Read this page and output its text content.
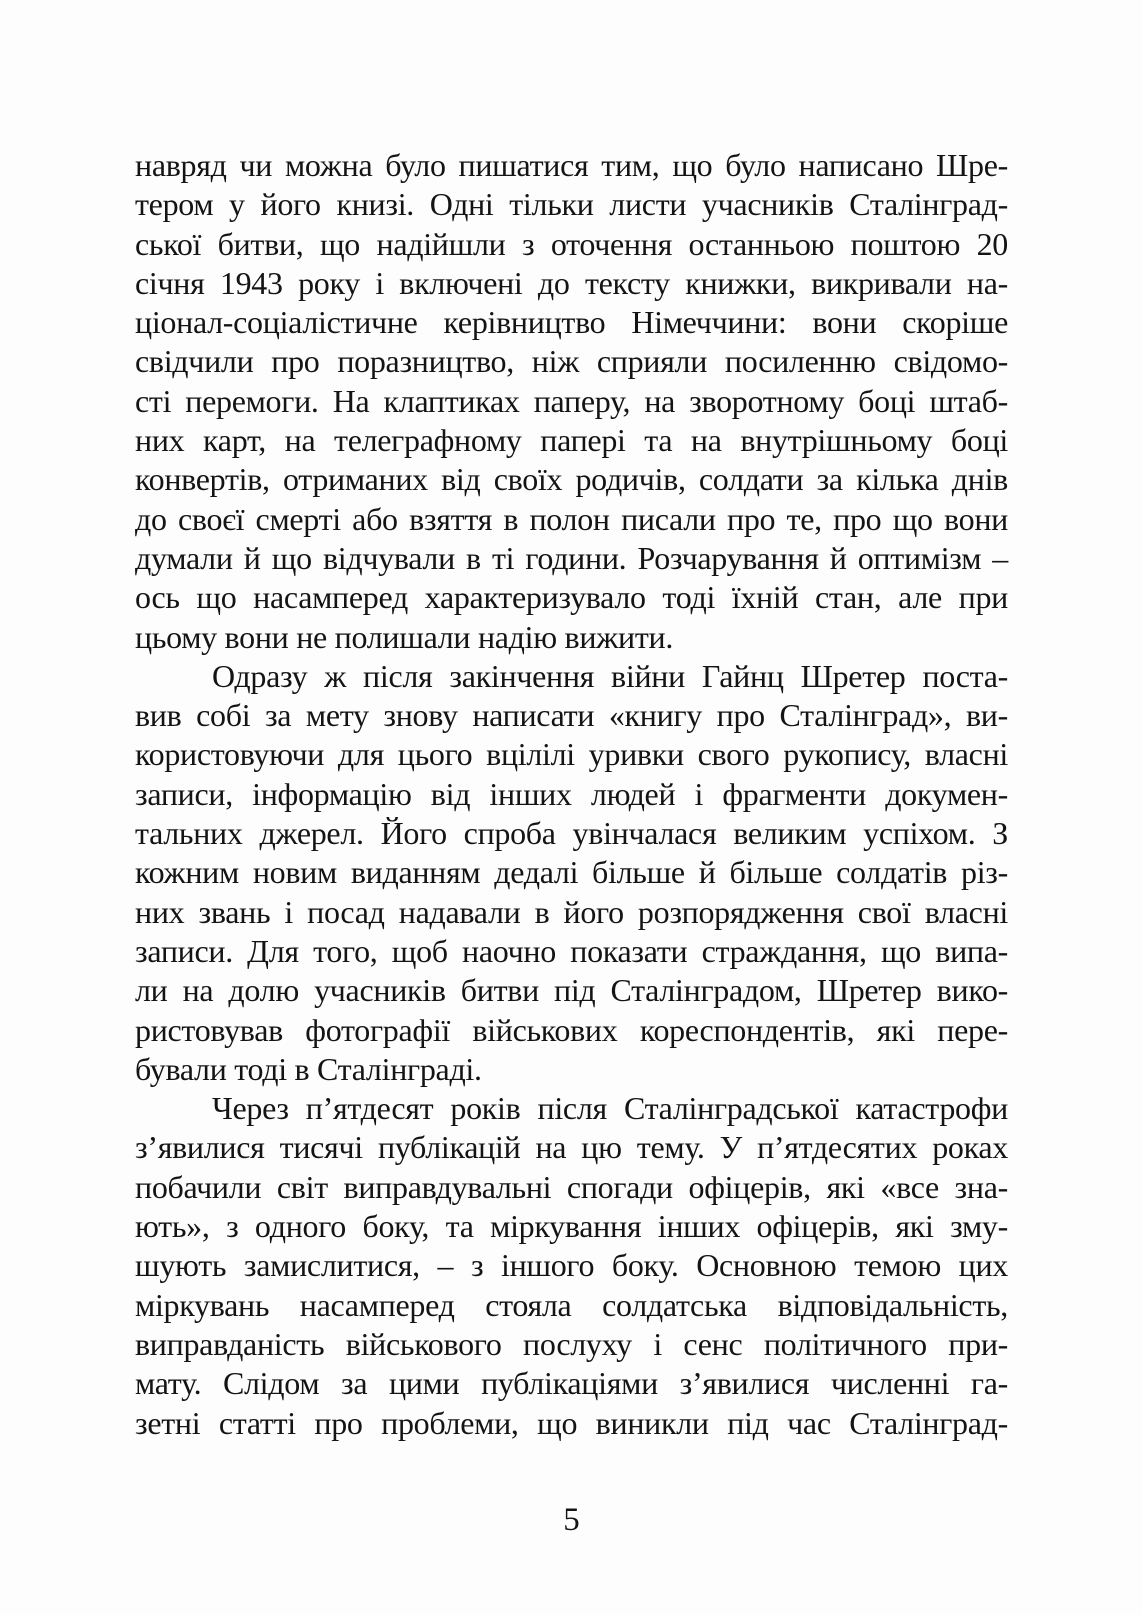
навряд чи можна було пишатися тим, що було написано Шре-
тером у його книзі. Одні тільки листи учасників Сталінград-
ської битви, що надійшли з оточення останньою поштою 20
січня 1943 року і включені до тексту книжки, викривали на-
ціонал-соціалістичне керівництво Німеччини: вони скоріше
свідчили про поразництво, ніж сприяли посиленню свідомо-
сті перемоги. На клаптиках паперу, на зворотному боці штаб-
них карт, на телеграфному папері та на внутрішньому боці
конвертів, отриманих від своїх родичів, солдати за кілька днів
до своєї смерті або взяття в полон писали про те, про що вони
думали й що відчували в ті години. Розчарування й оптимізм –
ось що насамперед характеризувало тоді їхній стан, але при
цьому вони не полишали надію вижити.
Одразу ж після закінчення війни Гайнц Шретер поста-
вив собі за мету знову написати «книгу про Сталінград», ви-
користовуючи для цього вцілілі уривки свого рукопису, власні
записи, інформацію від інших людей і фрагменти докумен-
тальних джерел. Його спроба увінчалася великим успіхом. З
кожним новим виданням дедалі більше й більше солдатів різ-
них звань і посад надавали в його розпорядження свої власні
записи. Для того, щоб наочно показати страждання, що випа-
ли на долю учасників битви під Сталінградом, Шретер вико-
ристовував фотографії військових кореспондентів, які пере-
бували тоді в Сталінграді.
Через п’ятдесят років після Сталінградської катастрофи
з’явилися тисячі публікацій на цю тему. У п’ятдесятих роках
побачили світ виправдувальні спогади офіцерів, які «все зна-
ють», з одного боку, та міркування інших офіцерів, які зму-
шують замислитися, – з іншого боку. Основною темою цих
міркувань насамперед стояла солдатська відповідальність,
виправданість військового послуху і сенс політичного при-
мату. Слідом за цими публікаціями з’явилися численні га-
зетні статті про проблеми, що виникли під час Сталінград-
5
